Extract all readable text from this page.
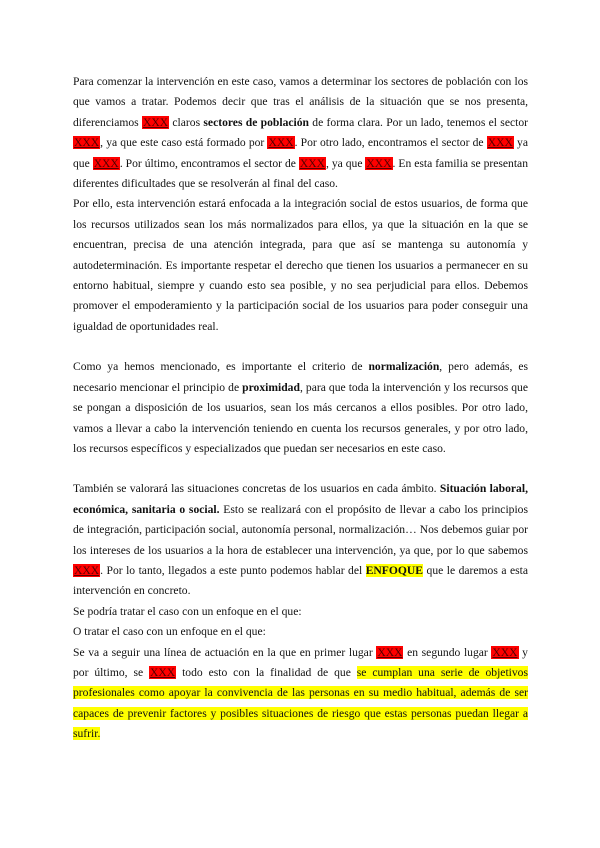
Para comenzar la intervención en este caso, vamos a determinar los sectores de población con los que vamos a tratar. Podemos decir que tras el análisis de la situación que se nos presenta, diferenciamos XXX claros sectores de población de forma clara. Por un lado, tenemos el sector XXX, ya que este caso está formado por XXX. Por otro lado, encontramos el sector de XXX ya que XXX. Por último, encontramos el sector de XXX, ya que XXX. En esta familia se presentan diferentes dificultades que se resolverán al final del caso.

Por ello, esta intervención estará enfocada a la integración social de estos usuarios, de forma que los recursos utilizados sean los más normalizados para ellos, ya que la situación en la que se encuentran, precisa de una atención integrada, para que así se mantenga su autonomía y autodeterminación. Es importante respetar el derecho que tienen los usuarios a permanecer en su entorno habitual, siempre y cuando esto sea posible, y no sea perjudicial para ellos. Debemos promover el empoderamiento y la participación social de los usuarios para poder conseguir una igualdad de oportunidades real.

Como ya hemos mencionado, es importante el criterio de normalización, pero además, es necesario mencionar el principio de proximidad, para que toda la intervención y los recursos que se pongan a disposición de los usuarios, sean los más cercanos a ellos posibles. Por otro lado, vamos a llevar a cabo la intervención teniendo en cuenta los recursos generales, y por otro lado, los recursos específicos y especializados que puedan ser necesarios en este caso.

También se valorará las situaciones concretas de los usuarios en cada ámbito. Situación laboral, económica, sanitaria o social. Esto se realizará con el propósito de llevar a cabo los principios de integración, participación social, autonomía personal, normalización… Nos debemos guiar por los intereses de los usuarios a la hora de establecer una intervención, ya que, por lo que sabemos XXX. Por lo tanto, llegados a este punto podemos hablar del ENFOQUE que le daremos a esta intervención en concreto.

Se podría tratar el caso con un enfoque en el que:

O tratar el caso con un enfoque en el que:

Se va a seguir una línea de actuación en la que en primer lugar XXX en segundo lugar XXX y por último, se XXX todo esto con la finalidad de que se cumplan una serie de objetivos profesionales como apoyar la convivencia de las personas en su medio habitual, además de ser capaces de prevenir factores y posibles situaciones de riesgo que estas personas puedan llegar a sufrir.
